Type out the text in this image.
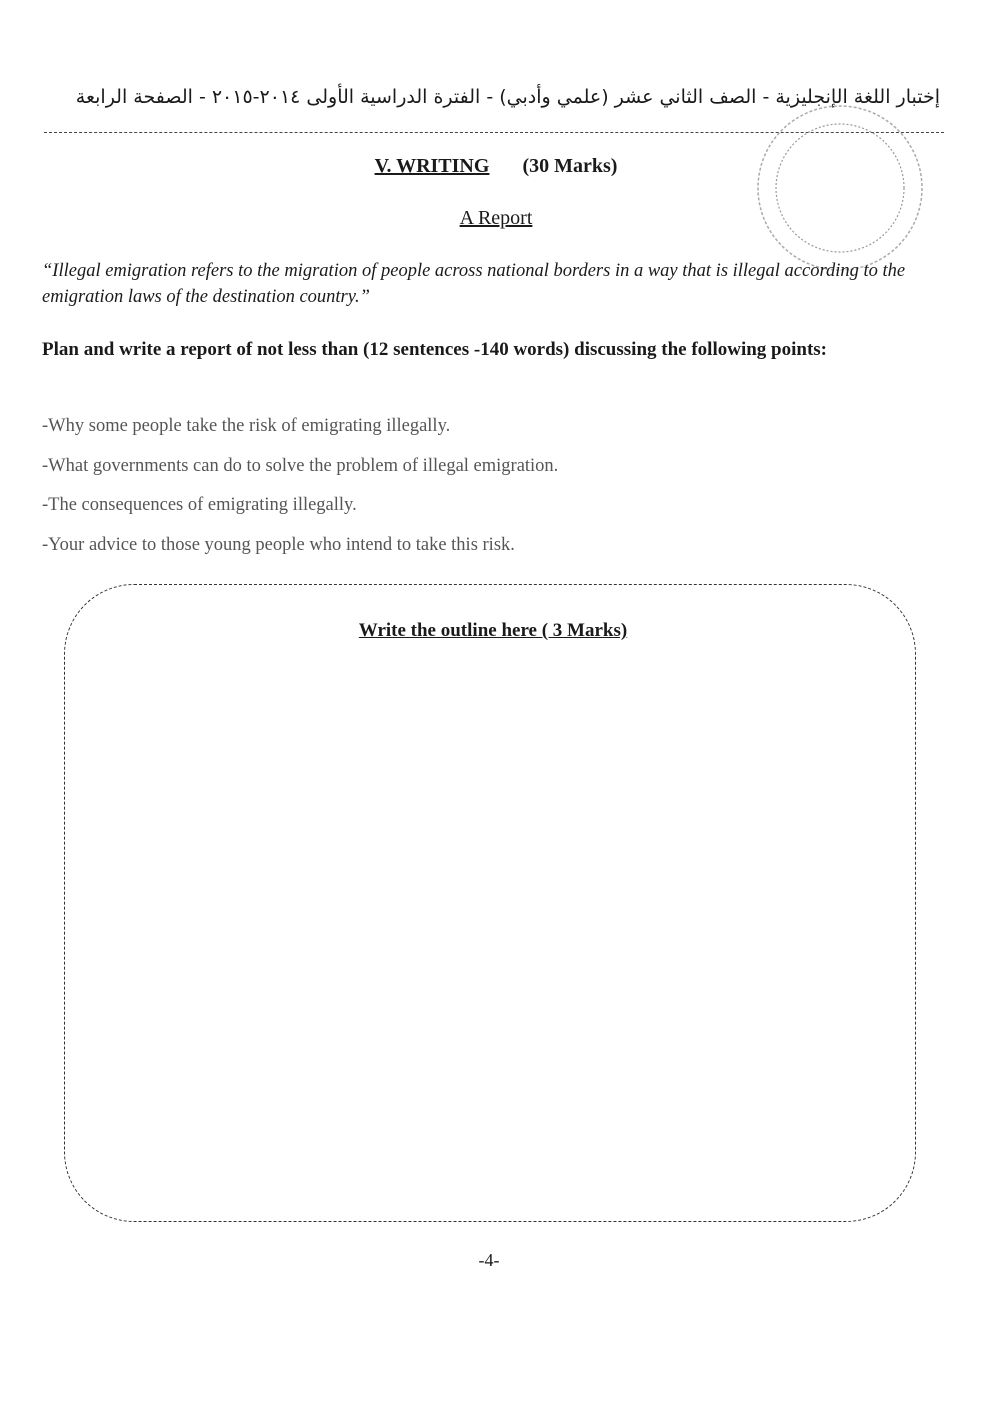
إختبار اللغة الإنجليزية - الصف الثاني عشر (علمي وأدبي) - الفترة الدراسية الأولى ٢٠١٤-٢٠١٥ - الصفحة الرابعة
V. WRITING (30 Marks)
A Report
“Illegal emigration refers to the migration of people across national borders in a way that is illegal according to the emigration laws of the destination country.”
Plan and write a report of not less than (12 sentences -140 words) discussing the following points:
-Why some people take the risk of emigrating illegally.
-What governments can do to solve the problem of illegal emigration.
-The consequences of emigrating illegally.
-Your advice to those young people who intend to take this risk.
Write the outline here ( 3 Marks)
-4-
